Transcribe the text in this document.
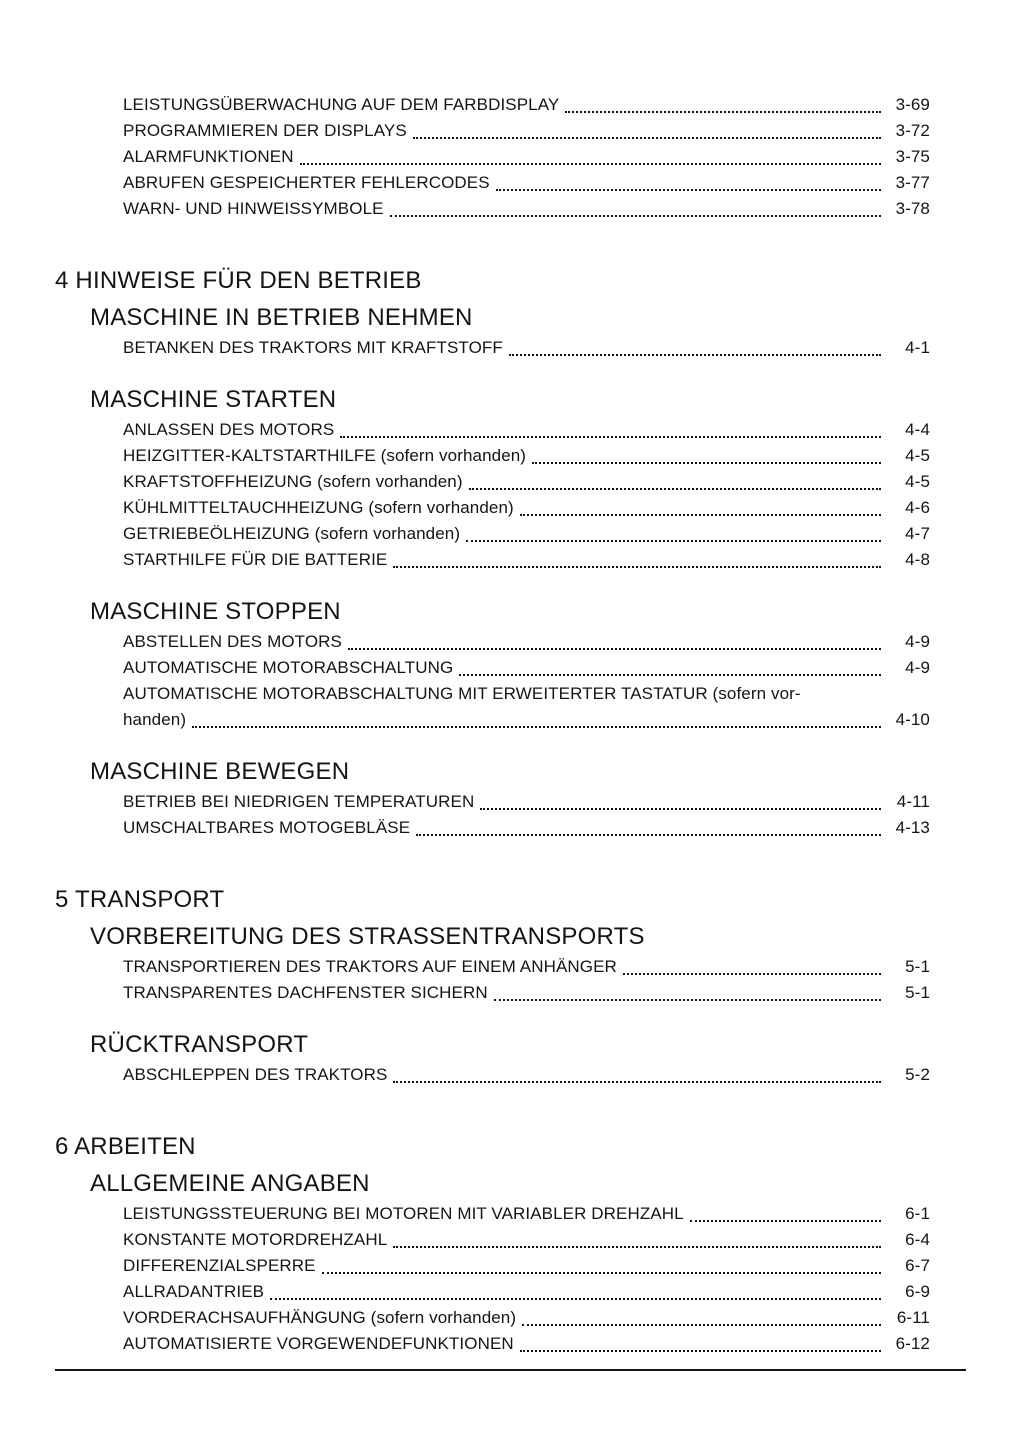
LEISTUNGSÜBERWACHUNG AUF DEM FARBDISPLAY	3-69
PROGRAMMIEREN DER DISPLAYS	3-72
ALARMFUNKTIONEN	3-75
ABRUFEN GESPEICHERTER FEHLERCODES	3-77
WARN- UND HINWEISSYMBOLE	3-78
4 HINWEISE FÜR DEN BETRIEB
MASCHINE IN BETRIEB NEHMEN
BETANKEN DES TRAKTORS MIT KRAFTSTOFF	4-1
MASCHINE STARTEN
ANLASSEN DES MOTORS	4-4
HEIZGITTER-KALTSTARTHILFE (sofern vorhanden)	4-5
KRAFTSTOFFHEIZUNG (sofern vorhanden)	4-5
KÜHLMITTELTAUCHHEIZUNG (sofern vorhanden)	4-6
GETRIEBEÖLHEIZUNG (sofern vorhanden)	4-7
STARTHILFE FÜR DIE BATTERIE	4-8
MASCHINE STOPPEN
ABSTELLEN DES MOTORS	4-9
AUTOMATISCHE MOTORABSCHALTUNG	4-9
AUTOMATISCHE MOTORABSCHALTUNG MIT ERWEITERTER TASTATUR (sofern vor-
handen)	4-10
MASCHINE BEWEGEN
BETRIEB BEI NIEDRIGEN TEMPERATUREN	4-11
UMSCHALTBARES MOTOGEBLÄSE	4-13
5 TRANSPORT
VORBEREITUNG DES STRASSENTRANSPORTS
TRANSPORTIEREN DES TRAKTORS AUF EINEM ANHÄNGER	5-1
TRANSPARENTES DACHFENSTER SICHERN	5-1
RÜCKTRANSPORT
ABSCHLEPPEN DES TRAKTORS	5-2
6 ARBEITEN
ALLGEMEINE ANGABEN
LEISTUNGSSTEUERUNG BEI MOTOREN MIT VARIABLER DREHZAHL	6-1
KONSTANTE MOTORDREHZAHL	6-4
DIFFERENZIALSPERRE	6-7
ALLRADANTRIEB	6-9
VORDERACHSAUFHÄNGUNG (sofern vorhanden)	6-11
AUTOMATISIERTE VORGEWENDEFUNKTIONEN	6-12
